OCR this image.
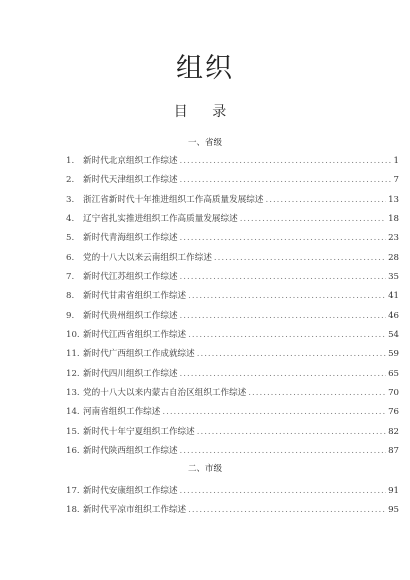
组织
目 录
一、省级
1.	新时代北京组织工作综述 .....	1
2.	新时代天津组织工作综述 .....	7
3.	浙江省新时代十年推进组织工作高质量发展综述 .....	13
4.	辽宁省扎实推进组织工作高质量发展综述 .....	18
5.	新时代青海组织工作综述 .....	23
6.	党的十八大以来云南组织工作综述 .....	28
7.	新时代江苏组织工作综述 .....	35
8.	新时代甘肃省组织工作综述 .....	41
9.	新时代贵州组织工作综述 .....	46
10. 新时代江西省组织工作综述 .....	54
11. 新时代广西组织工作成就综述 .....	59
12. 新时代四川组织工作综述 .....	65
13. 党的十八大以来内蒙古自治区组织工作综述 .....	70
14. 河南省组织工作综述 .....	76
15. 新时代十年宁夏组织工作综述 .....	82
16. 新时代陕西组织工作综述 .....	87
二、市级
17. 新时代安康组织工作综述 .....	91
18. 新时代平凉市组织工作综述 .....	95
